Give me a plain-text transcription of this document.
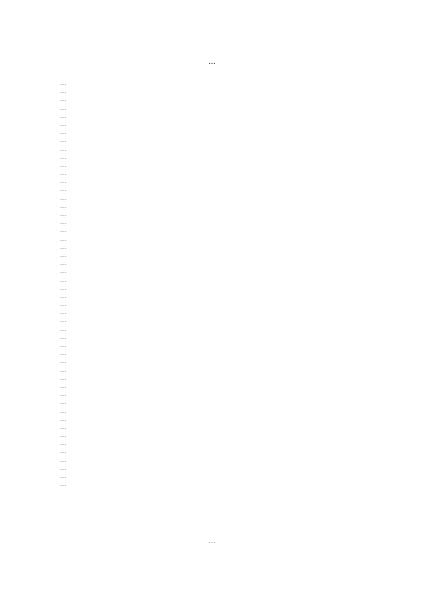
…
…
…
…
…
…
…
…
…
…
…
…
…
…
…
…
…
…
…
…
…
…
…
…
…
…
…
…
…
…
…
…
…
…
…
…
…
…
…
…
…
…
…
…
…
…
…
…
…
…
…
…
